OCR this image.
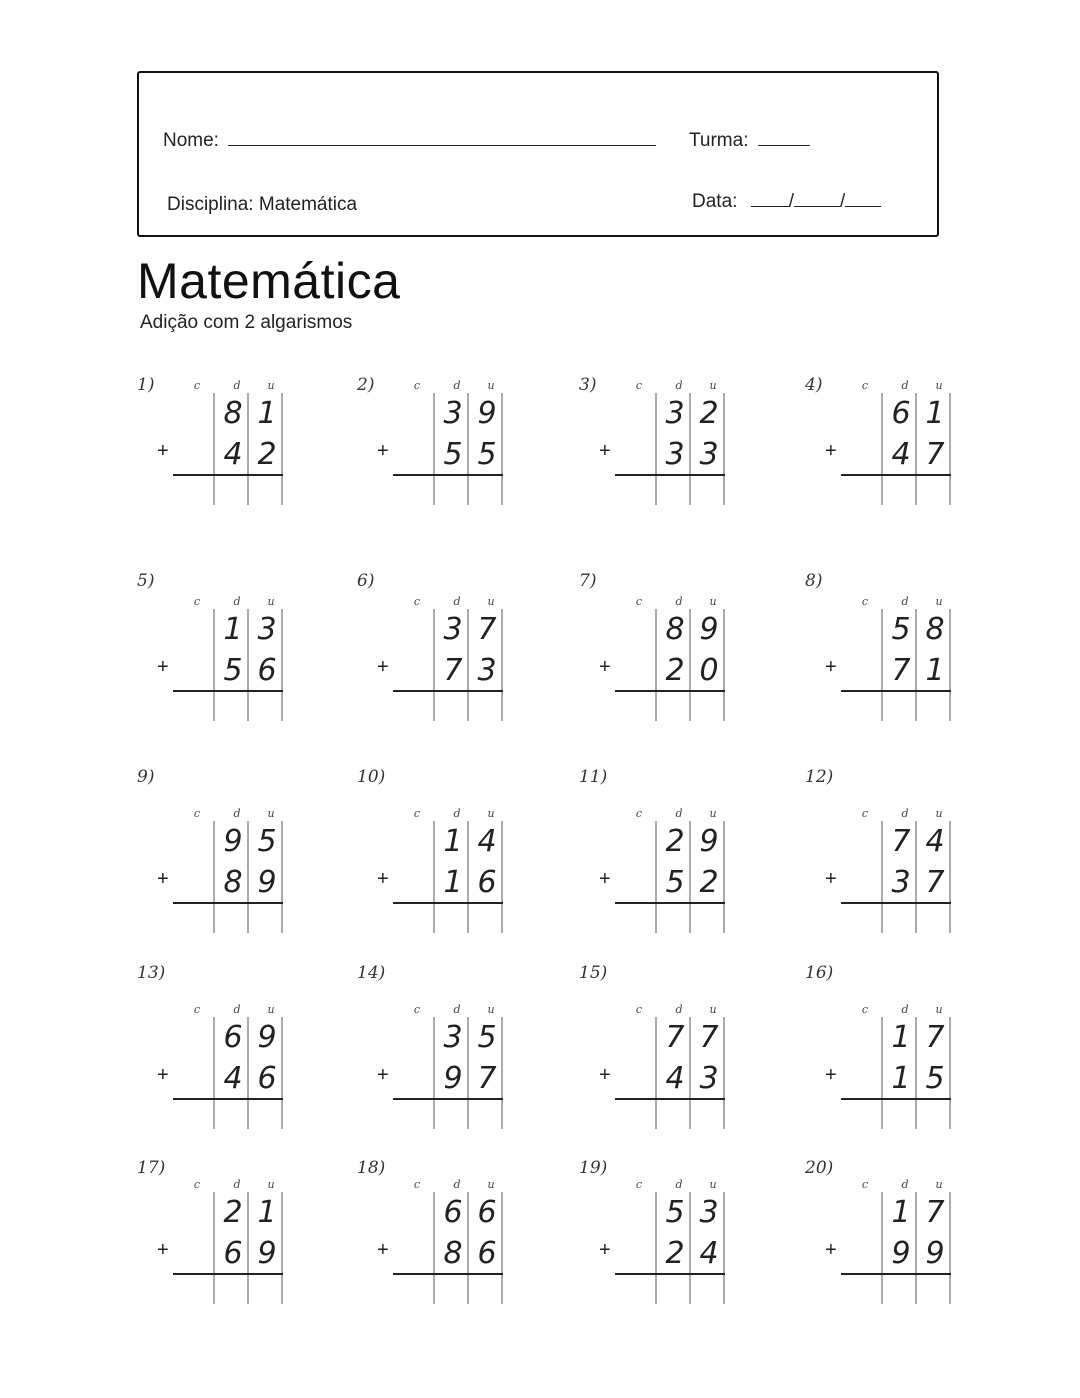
Nome:	Turma:
Disciplina: Matemática	Data:	/ /
Matemática
Adição com 2 algarismos
1)	c	d	u
8 1
4 2
+
2)	c	d	u
3 9
5 5
+
3)	c	d	u
3 2
3 3
+
4)	c	d	u
6 1
4 7
+
5)
c	d	u
1 3
5 6
+
6)
c	d	u
3 7
7 3
+
7)
c	d	u
8 9
2 0
+
8)
c	d	u
5 8
7 1
+
9)
c	d	u
9 5
8 9
+
10)
c	d	u
1 4
1 6
+
11)
c	d	u
2 9
5 2
+
12)
c	d	u
7 4
3 7
+
13)
c	d	u
6 9
4 6
+
14)
c	d	u
3 5
9 7
+
15)
c	d	u
7 7
4 3
+
16)
c	d	u
1 7
1 5
+
17)
c	d	u
2 1
6 9
+
18)
c	d	u
6 6
8 6
+
19)
c	d	u
5 3
2 4
+
20)
c	d	u
1 7
9 9
+
